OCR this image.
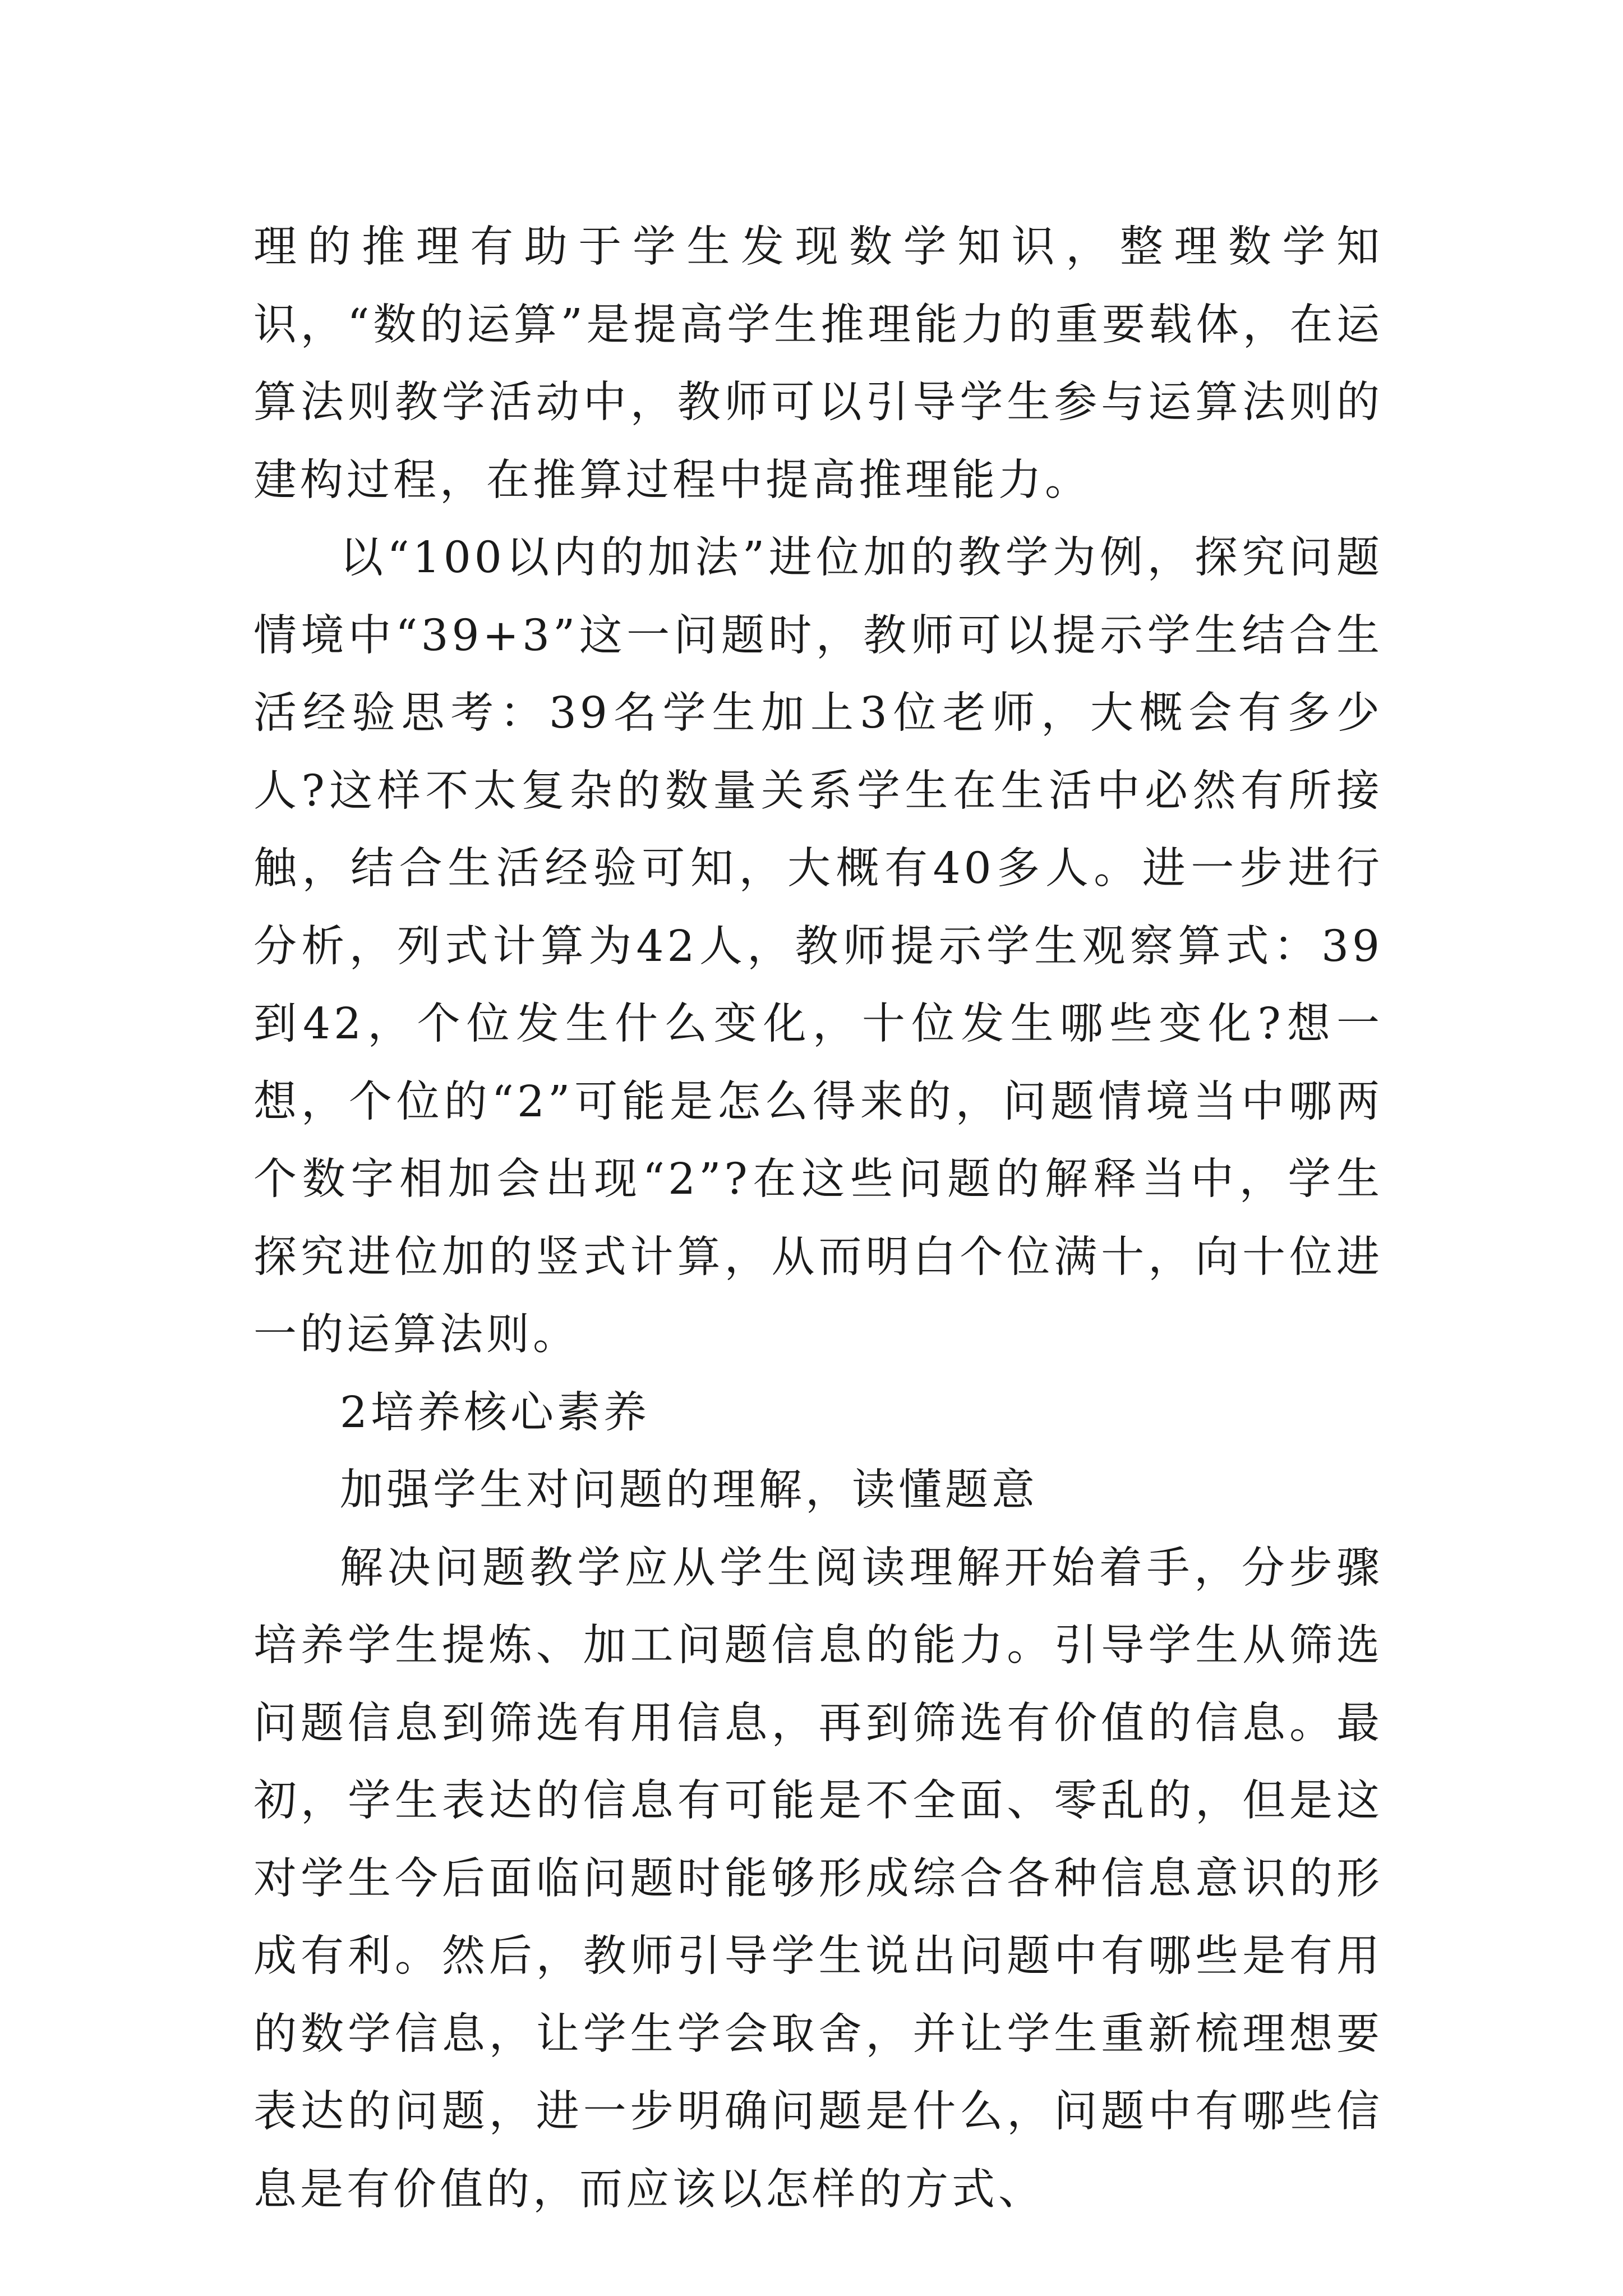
理的推理有助于学生发现数学知识，整理数学知识，“数的运算”是提高学生推理能力的重要载体，在运算法则教学活动中，教师可以引导学生参与运算法则的建构过程，在推算过程中提高推理能力。

以“100以内的加法”进位加的教学为例，探究问题情境中“39+3”这一问题时，教师可以提示学生结合生活经验思考：39名学生加上3位老师，大概会有多少人?这样不太复杂的数量关系学生在生活中必然有所接触，结合生活经验可知，大概有40多人。进一步进行分析，列式计算为42人，教师提示学生观察算式：39到42，个位发生什么变化，十位发生哪些变化?想一想，个位的“2”可能是怎么得来的，问题情境当中哪两个数字相加会出现“2”?在这些问题的解释当中，学生探究进位加的竖式计算，从而明白个位满十，向十位进一的运算法则。

2培养核心素养

加强学生对问题的理解，读懂题意

解决问题教学应从学生阅读理解开始着手，分步骤培养学生提炼、加工问题信息的能力。引导学生从筛选问题信息到筛选有用信息，再到筛选有价值的信息。最初，学生表达的信息有可能是不全面、零乱的，但是这对学生今后面临问题时能够形成综合各种信息意识的形成有利。然后，教师引导学生说出问题中有哪些是有用的数学信息，让学生学会取舍，并让学生重新梳理想要表达的问题，进一步明确问题是什么，问题中有哪些信息是有价值的，而应该以怎样的方式、
